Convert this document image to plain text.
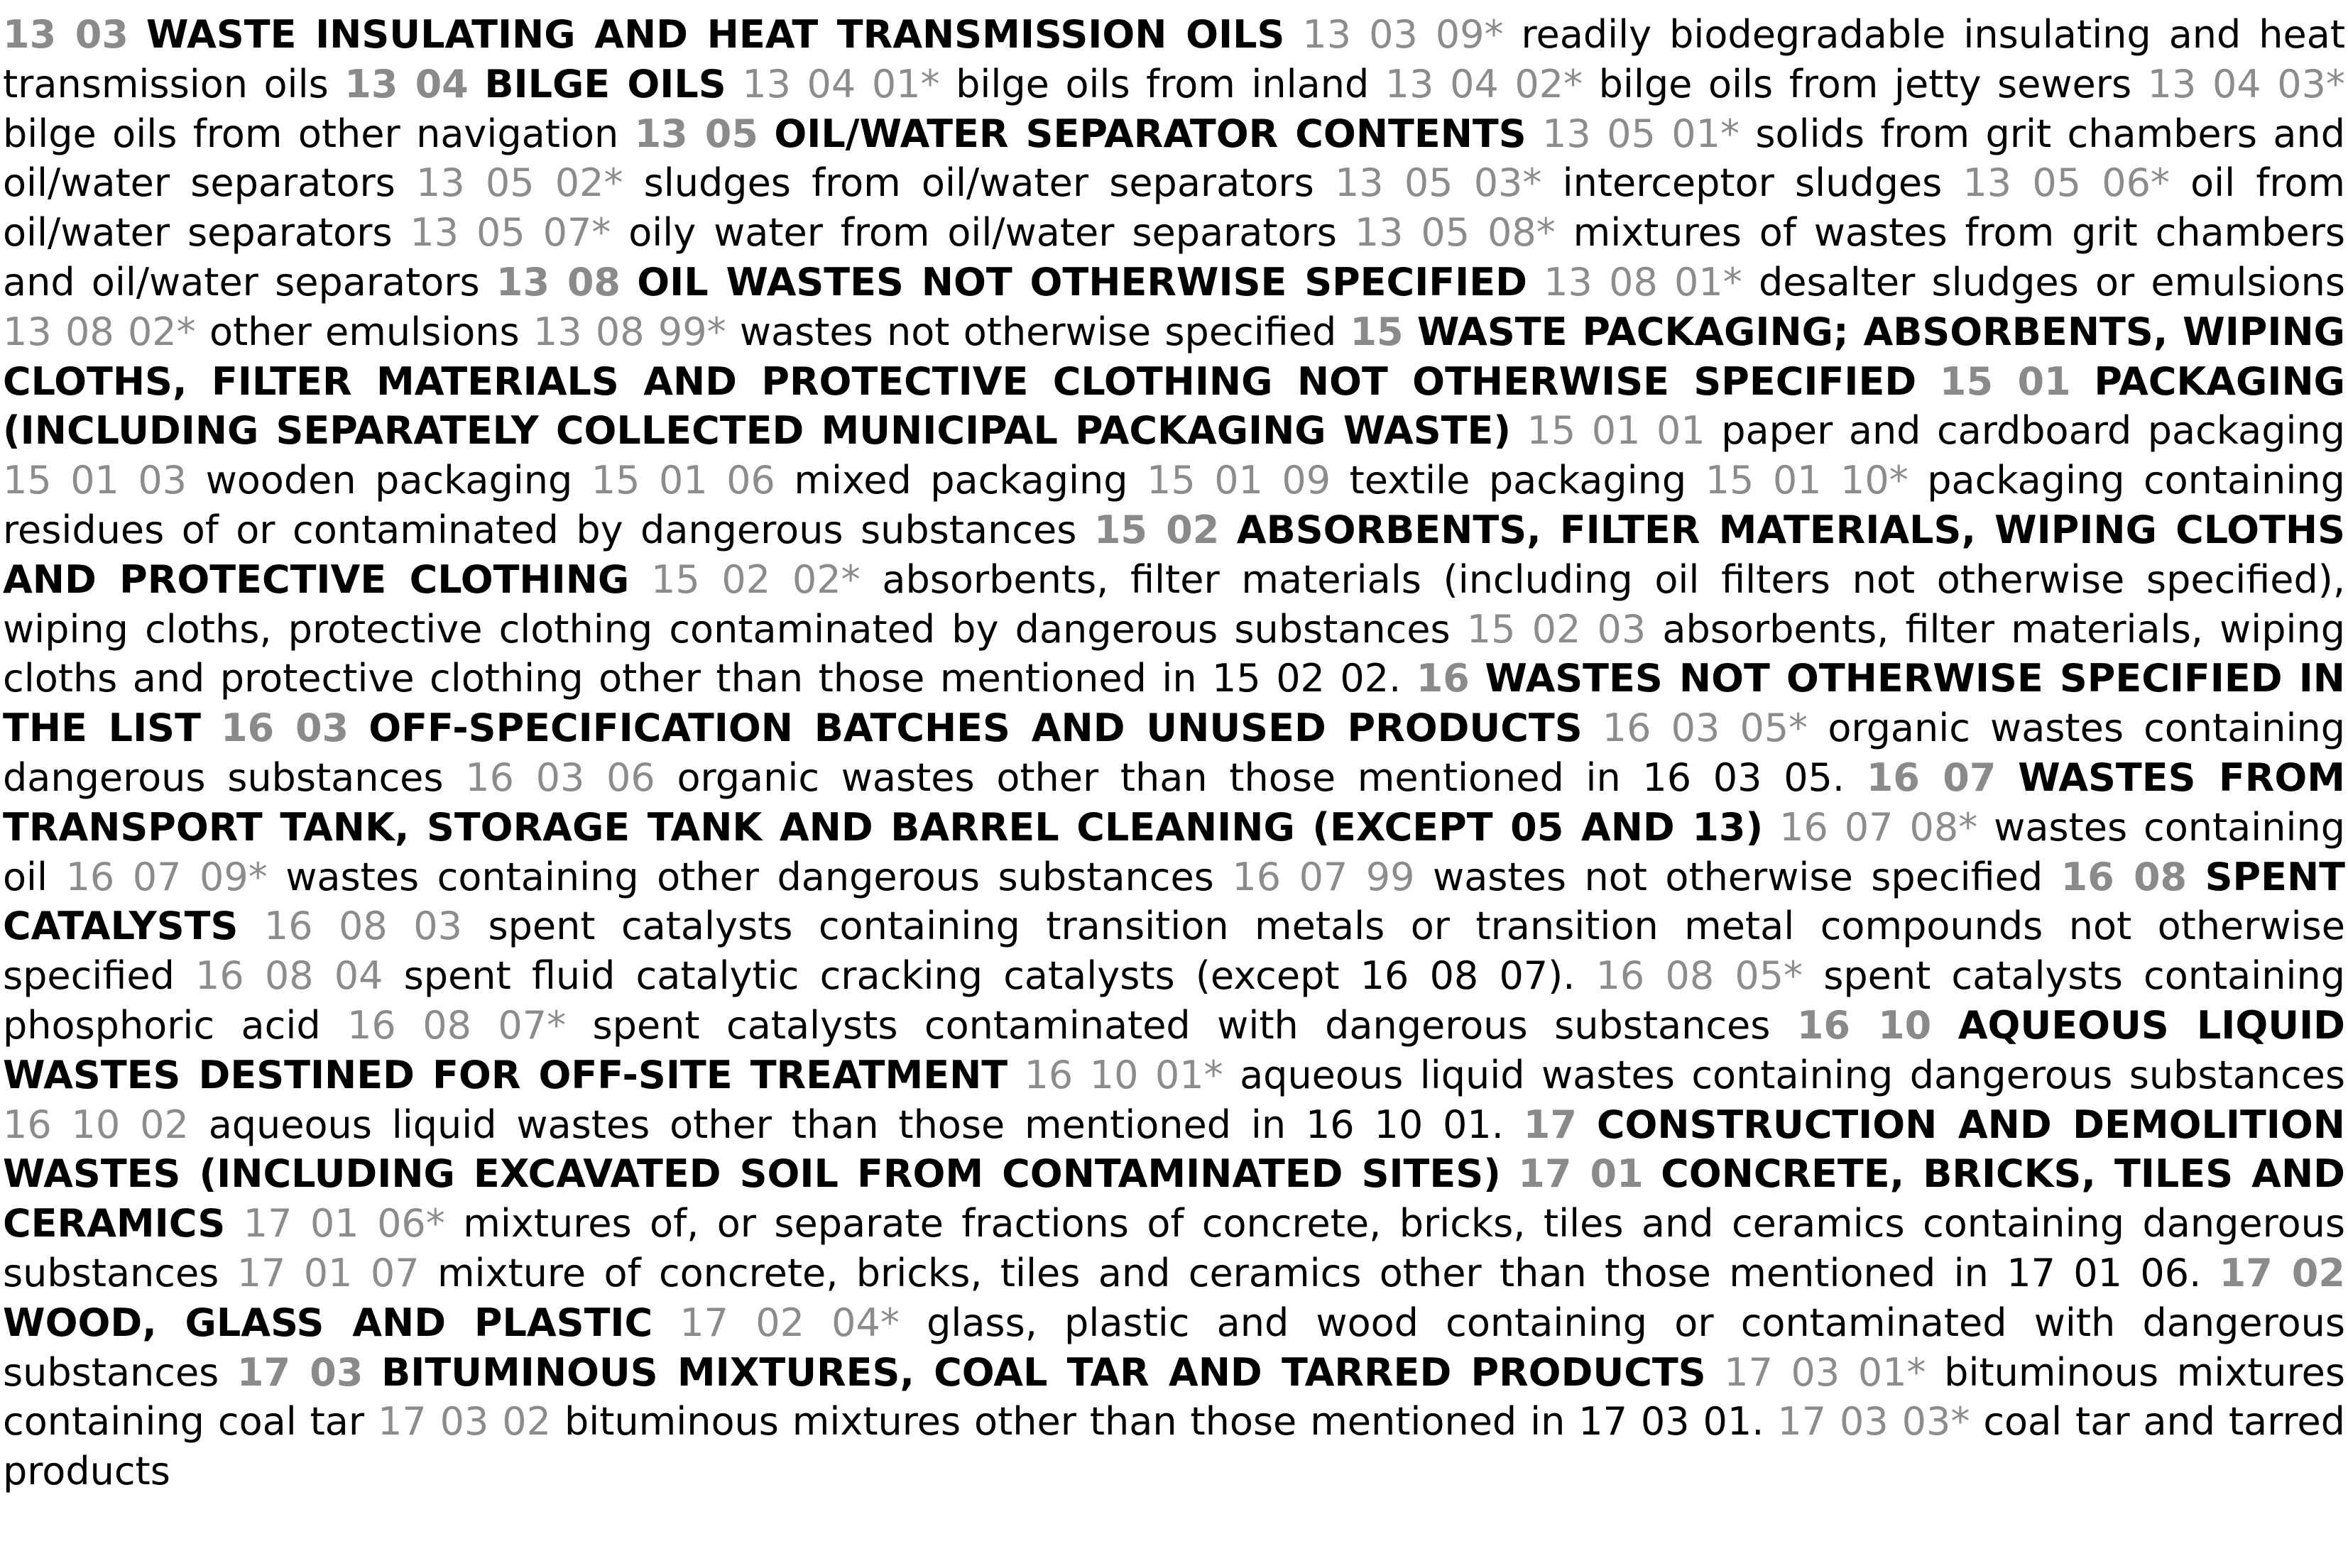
13 03 WASTE INSULATING AND HEAT TRANSMISSION OILS 13 03 09* readily biodegradable insulating and heat transmission oils 13 04 BILGE OILS 13 04 01* bilge oils from inland 13 04 02* bilge oils from jetty sewers 13 04 03* bilge oils from other navigation 13 05 OIL/WATER SEPARATOR CONTENTS 13 05 01* solids from grit chambers and oil/water separators 13 05 02* sludges from oil/water separators 13 05 03* interceptor sludges 13 05 06* oil from oil/water separators 13 05 07* oily water from oil/water separators 13 05 08* mixtures of wastes from grit chambers and oil/water separators 13 08 OIL WASTES NOT OTHERWISE SPECIFIED 13 08 01* desalter sludges or emulsions 13 08 02* other emulsions 13 08 99* wastes not otherwise specified 15 WASTE PACKAGING; ABSORBENTS, WIPING CLOTHS, FILTER MATERIALS AND PROTECTIVE CLOTHING NOT OTHERWISE SPECIFIED 15 01 PACKAGING (INCLUDING SEPARATELY COLLECTED MUNICIPAL PACKAGING WASTE) 15 01 01 paper and cardboard packaging 15 01 03 wooden packaging 15 01 06 mixed packaging 15 01 09 textile packaging 15 01 10* packaging containing residues of or contaminated by dangerous substances 15 02 ABSORBENTS, FILTER MATERIALS, WIPING CLOTHS AND PROTECTIVE CLOTHING 15 02 02* absorbents, filter materials (including oil filters not otherwise specified), wiping cloths, protective clothing contaminated by dangerous substances 15 02 03 absorbents, filter materials, wiping cloths and protective clothing other than those mentioned in 15 02 02. 16 WASTES NOT OTHERWISE SPECIFIED IN THE LIST 16 03 OFF-SPECIFICATION BATCHES AND UNUSED PRODUCTS 16 03 05* organic wastes containing dangerous substances 16 03 06 organic wastes other than those mentioned in 16 03 05. 16 07 WASTES FROM TRANSPORT TANK, STORAGE TANK AND BARREL CLEANING (EXCEPT 05 AND 13) 16 07 08* wastes containing oil 16 07 09* wastes containing other dangerous substances 16 07 99 wastes not otherwise specified 16 08 SPENT CATALYSTS 16 08 03 spent catalysts containing transition metals or transition metal compounds not otherwise specified 16 08 04 spent fluid catalytic cracking catalysts (except 16 08 07). 16 08 05* spent catalysts containing phosphoric acid 16 08 07* spent catalysts contaminated with dangerous substances 16 10 AQUEOUS LIQUID WASTES DESTINED FOR OFF-SITE TREATMENT 16 10 01* aqueous liquid wastes containing dangerous substances 16 10 02 aqueous liquid wastes other than those mentioned in 16 10 01. 17 CONSTRUCTION AND DEMOLITION WASTES (INCLUDING EXCAVATED SOIL FROM CONTAMINATED SITES) 17 01 CONCRETE, BRICKS, TILES AND CERAMICS 17 01 06* mixtures of, or separate fractions of concrete, bricks, tiles and ceramics containing dangerous substances 17 01 07 mixture of concrete, bricks, tiles and ceramics other than those mentioned in 17 01 06. 17 02 WOOD, GLASS AND PLASTIC 17 02 04* glass, plastic and wood containing or contaminated with dangerous substances 17 03 BITUMINOUS MIXTURES, COAL TAR AND TARRED PRODUCTS 17 03 01* bituminous mixtures containing coal tar 17 03 02 bituminous mixtures other than those mentioned in 17 03 01. 17 03 03* coal tar and tarred products
